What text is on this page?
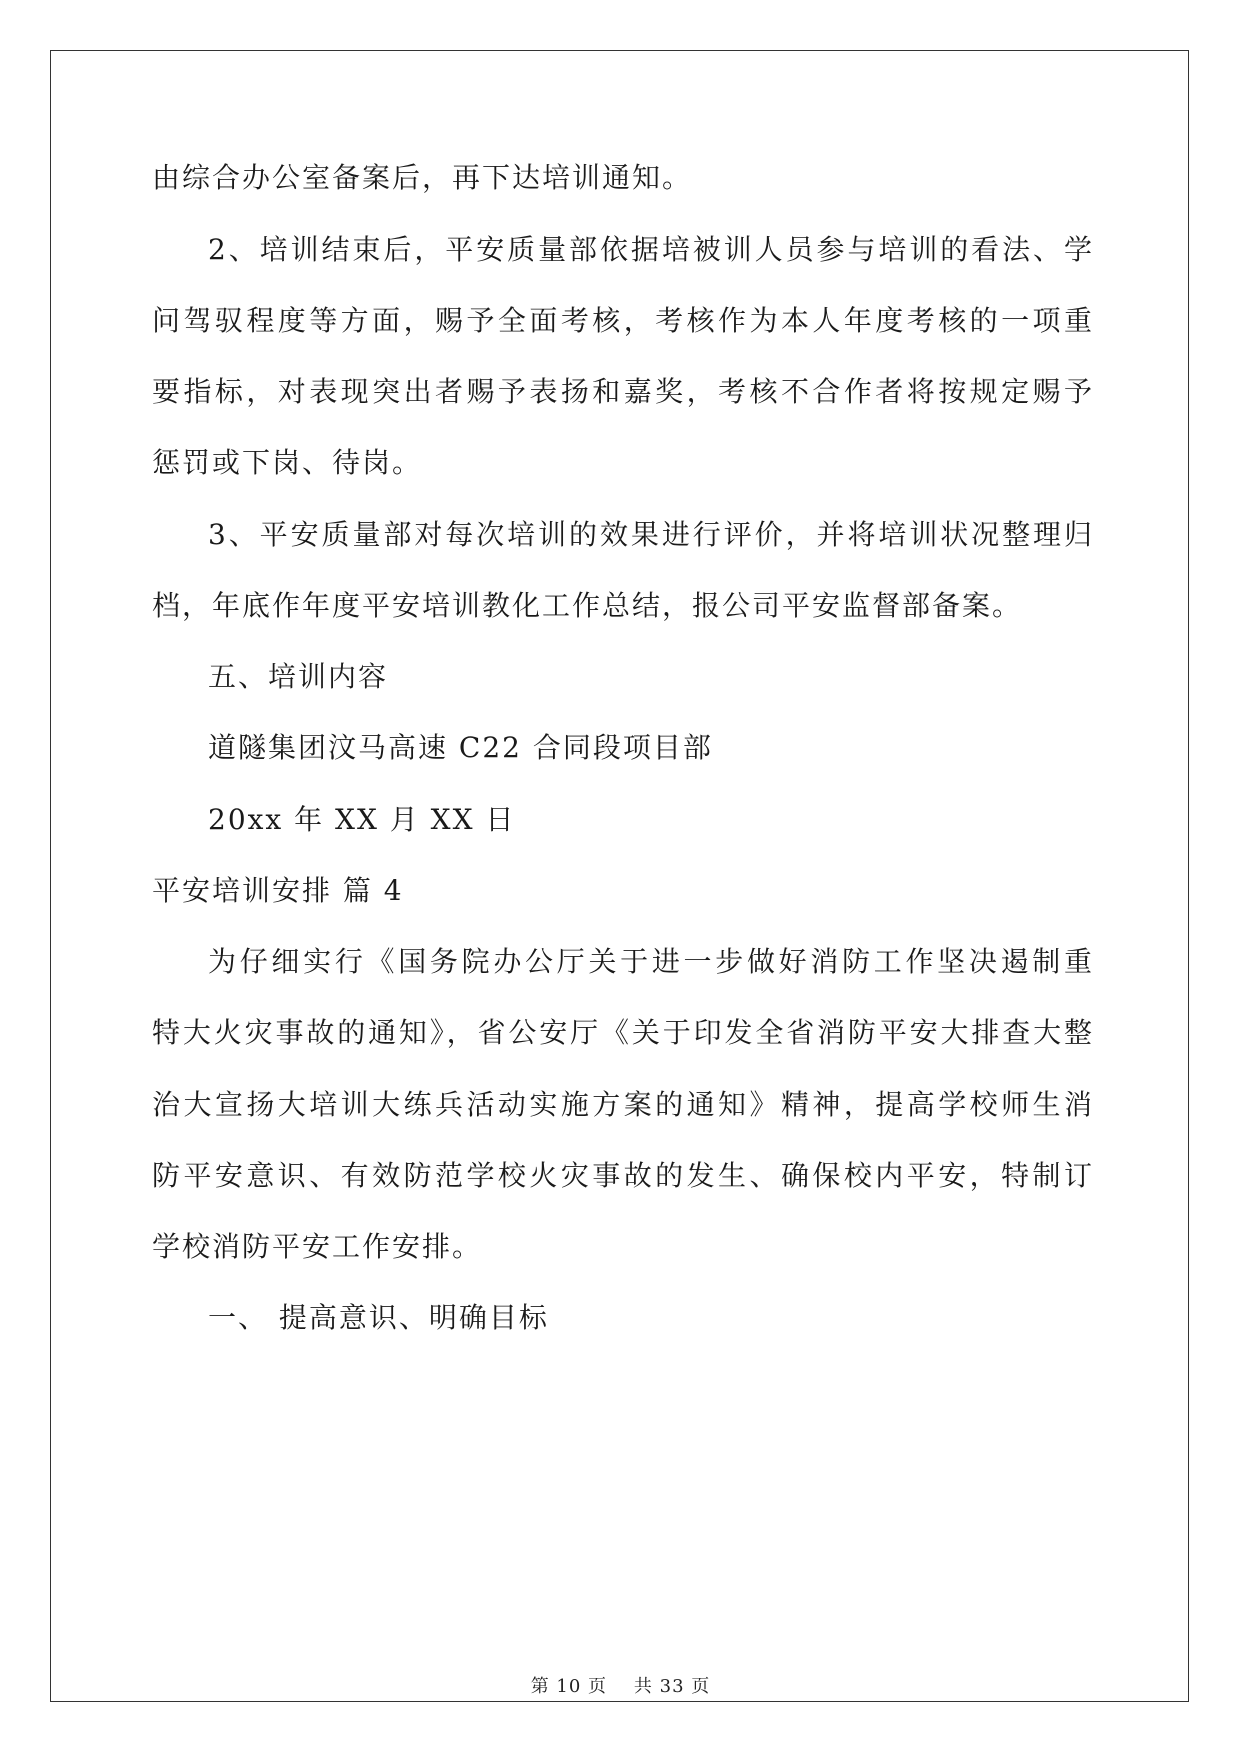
由综合办公室备案后，再下达培训通知。
2、培训结束后，平安质量部依据培被训人员参与培训的看法、学
问驾驭程度等方面，赐予全面考核，考核作为本人年度考核的一项重
要指标，对表现突出者赐予表扬和嘉奖，考核不合作者将按规定赐予
惩罚或下岗、待岗。
3、平安质量部对每次培训的效果进行评价，并将培训状况整理归
档，年底作年度平安培训教化工作总结，报公司平安监督部备案。
五、培训内容
道隧集团汶马高速 C22 合同段项目部
20xx 年 XX 月 XX 日
平安培训安排 篇 4
为仔细实行《国务院办公厅关于进一步做好消防工作坚决遏制重
特大火灾事故的通知》，省公安厅《关于印发全省消防平安大排查大整
治大宣扬大培训大练兵活动实施方案的通知》精神，提高学校师生消
防平安意识、有效防范学校火灾事故的发生、确保校内平安，特制订
学校消防平安工作安排。
一、 提高意识、明确目标
第 10 页    共 33 页
